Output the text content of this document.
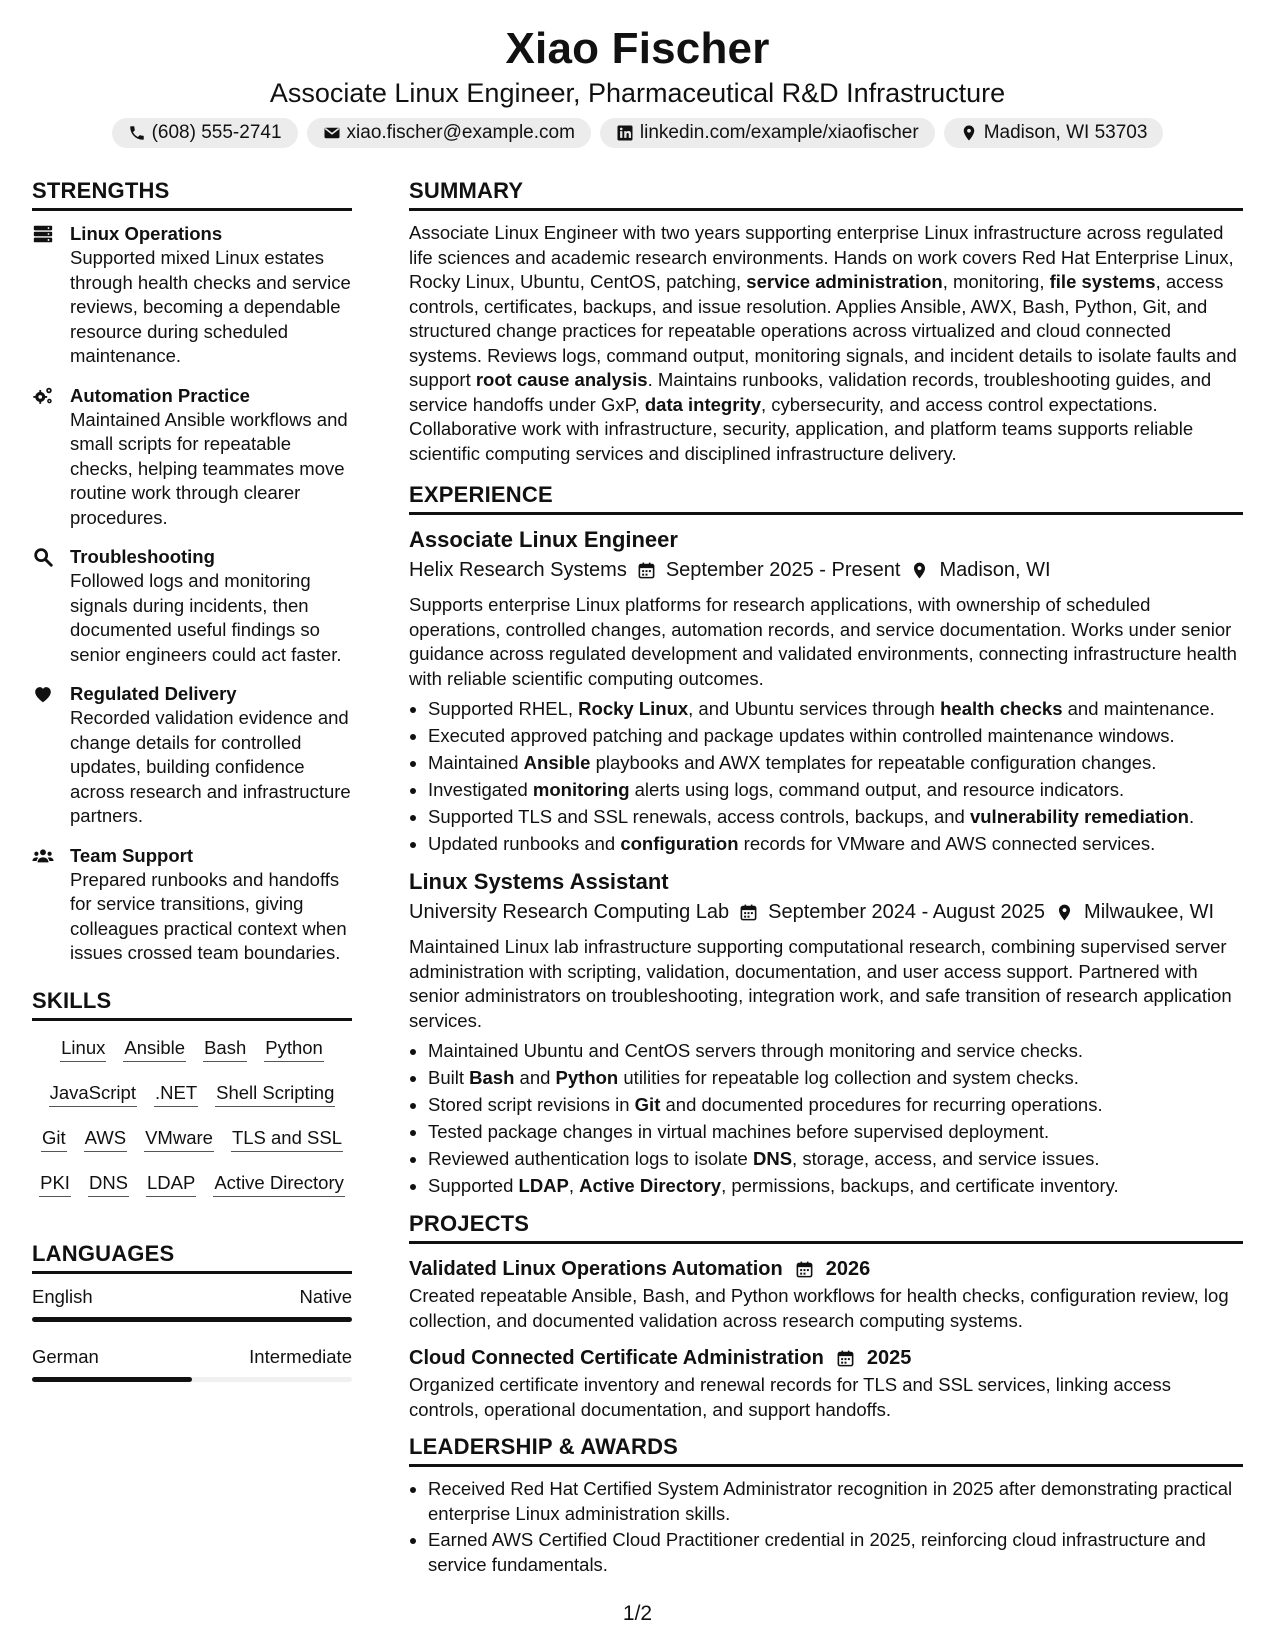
Xiao Fischer
Associate Linux Engineer, Pharmaceutical R&D Infrastructure
(608) 555-2741	xiao.fischer@example.com	linkedin.com/example/xiaofischer	Madison, WI 53703
STRENGTHS
Linux Operations
Supported mixed Linux estates through health checks and service reviews, becoming a dependable resource during scheduled maintenance.
Automation Practice
Maintained Ansible workflows and small scripts for repeatable checks, helping teammates move routine work through clearer procedures.
Troubleshooting
Followed logs and monitoring signals during incidents, then documented useful findings so senior engineers could act faster.
Regulated Delivery
Recorded validation evidence and change details for controlled updates, building confidence across research and infrastructure partners.
Team Support
Prepared runbooks and handoffs for service transitions, giving colleagues practical context when issues crossed team boundaries.
SKILLS
Linux Ansible Bash Python
JavaScript .NET Shell Scripting
Git AWS VMware TLS and SSL
PKI DNS LDAP Active Directory
LANGUAGES
English	Native
German	Intermediate
SUMMARY
Associate Linux Engineer with two years supporting enterprise Linux infrastructure across regulated life sciences and academic research environments. Hands on work covers Red Hat Enterprise Linux, Rocky Linux, Ubuntu, CentOS, patching, service administration, monitoring, file systems, access controls, certificates, backups, and issue resolution. Applies Ansible, AWX, Bash, Python, Git, and structured change practices for repeatable operations across virtualized and cloud connected systems. Reviews logs, command output, monitoring signals, and incident details to isolate faults and support root cause analysis. Maintains runbooks, validation records, troubleshooting guides, and service handoffs under GxP, data integrity, cybersecurity, and access control expectations. Collaborative work with infrastructure, security, application, and platform teams supports reliable scientific computing services and disciplined infrastructure delivery.
EXPERIENCE
Associate Linux Engineer
Helix Research Systems September 2025 - Present Madison, WI
Supports enterprise Linux platforms for research applications, with ownership of scheduled operations, controlled changes, automation records, and service documentation. Works under senior guidance across regulated development and validated environments, connecting infrastructure health with reliable scientific computing outcomes.
• Supported RHEL, Rocky Linux, and Ubuntu services through health checks and maintenance.
• Executed approved patching and package updates within controlled maintenance windows.
• Maintained Ansible playbooks and AWX templates for repeatable configuration changes.
• Investigated monitoring alerts using logs, command output, and resource indicators.
• Supported TLS and SSL renewals, access controls, backups, and vulnerability remediation.
• Updated runbooks and configuration records for VMware and AWS connected services.
Linux Systems Assistant
University Research Computing Lab September 2024 - August 2025 Milwaukee, WI
Maintained Linux lab infrastructure supporting computational research, combining supervised server administration with scripting, validation, documentation, and user access support. Partnered with senior administrators on troubleshooting, integration work, and safe transition of research application services.
• Maintained Ubuntu and CentOS servers through monitoring and service checks.
• Built Bash and Python utilities for repeatable log collection and system checks.
• Stored script revisions in Git and documented procedures for recurring operations.
• Tested package changes in virtual machines before supervised deployment.
• Reviewed authentication logs to isolate DNS, storage, access, and service issues.
• Supported LDAP, Active Directory, permissions, backups, and certificate inventory.
PROJECTS
Validated Linux Operations Automation 2026
Created repeatable Ansible, Bash, and Python workflows for health checks, configuration review, log collection, and documented validation across research computing systems.
Cloud Connected Certificate Administration 2025
Organized certificate inventory and renewal records for TLS and SSL services, linking access controls, operational documentation, and support handoffs.
LEADERSHIP & AWARDS
• Received Red Hat Certified System Administrator recognition in 2025 after demonstrating practical enterprise Linux administration skills.
• Earned AWS Certified Cloud Practitioner credential in 2025, reinforcing cloud infrastructure and service fundamentals.
1/2
